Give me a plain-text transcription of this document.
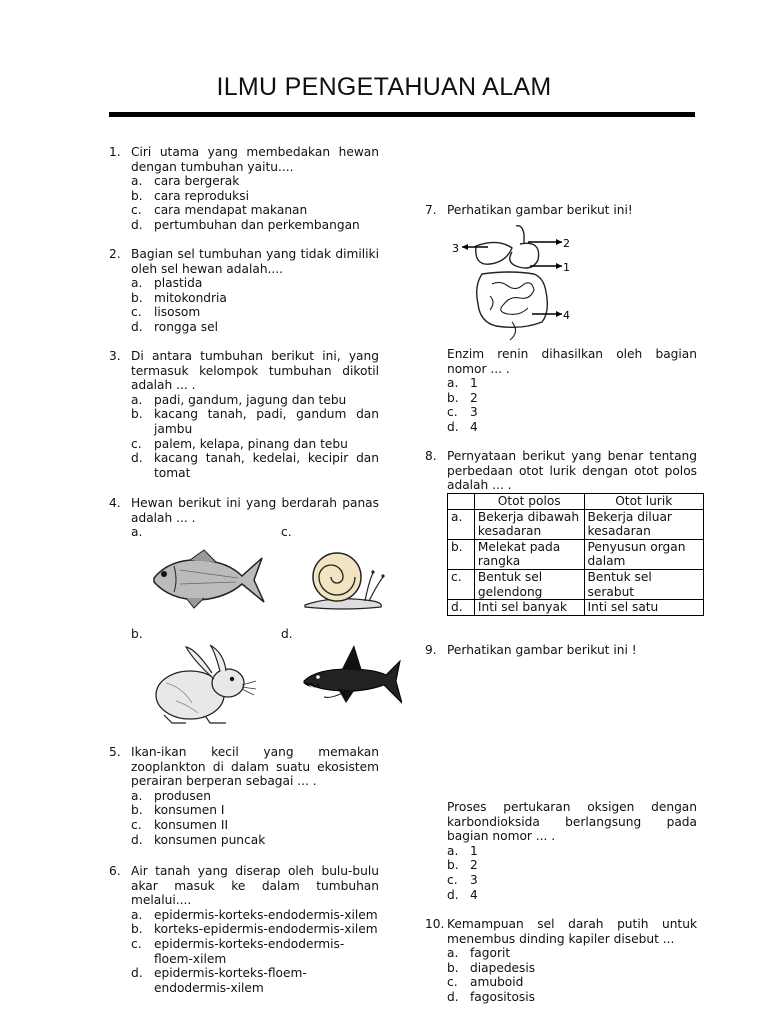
ILMU PENGETAHUAN ALAM
1. Ciri utama yang membedakan hewan dengan tumbuhan yaitu....
a. cara bergerak
b. cara reproduksi
c.	cara mendapat makanan
d. pertumbuhan dan perkembangan
2. Bagian sel tumbuhan yang tidak dimiliki oleh sel hewan adalah....
a. plastida
b. mitokondria
c.	lisosom
d. rongga sel
3. Di antara tumbuhan berikut ini, yang termasuk kelompok tumbuhan dikotil adalah ... .
a. padi, gandum, jagung dan tebu
b. kacang tanah, padi, gandum dan jambu
c.	palem, kelapa, pinang dan tebu
d. kacang tanah, kedelai, kecipir dan tomat
4. Hewan berikut ini yang berdarah panas adalah ... .
a.	c.
b.	d.
5. Ikan-ikan kecil yang memakan zooplankton di dalam suatu ekosistem perairan berperan sebagai ... .
a. produsen
b. konsumen I
c.	konsumen II
d. konsumen puncak
6. Air tanah yang diserap oleh bulu-bulu akar masuk ke dalam tumbuhan melalui....
a. epidermis-korteks-endodermis-xilem
b. korteks-epidermis-endodermis-xilem
c.	epidermis-korteks-endodermis-floem-xilem
d. epidermis-korteks-floem-endodermis-xilem
7. Perhatikan gambar berikut ini!
3	2
1
4
Enzim renin dihasilkan oleh bagian nomor ... .
a. 1
b. 2
c.	3
d. 4
8. Pernyataan berikut yang benar tentang perbedaan otot lurik dengan otot polos adalah ... .
	Otot polos	Otot lurik
a.	Bekerja dibawah kesadaran	Bekerja diluar kesadaran
b.	Melekat pada rangka	Penyusun organ dalam
c.	Bentuk sel gelendong	Bentuk sel serabut
d.	Inti sel banyak	Inti sel satu
9. Perhatikan gambar berikut ini !
Proses pertukaran oksigen dengan karbondioksida berlangsung pada bagian nomor ... .
a. 1
b. 2
c.	3
d. 4
10. Kemampuan sel darah putih untuk menembus dinding kapiler disebut ...
a. fagorit
b. diapedesis
c.	amuboid
d. fagositosis
